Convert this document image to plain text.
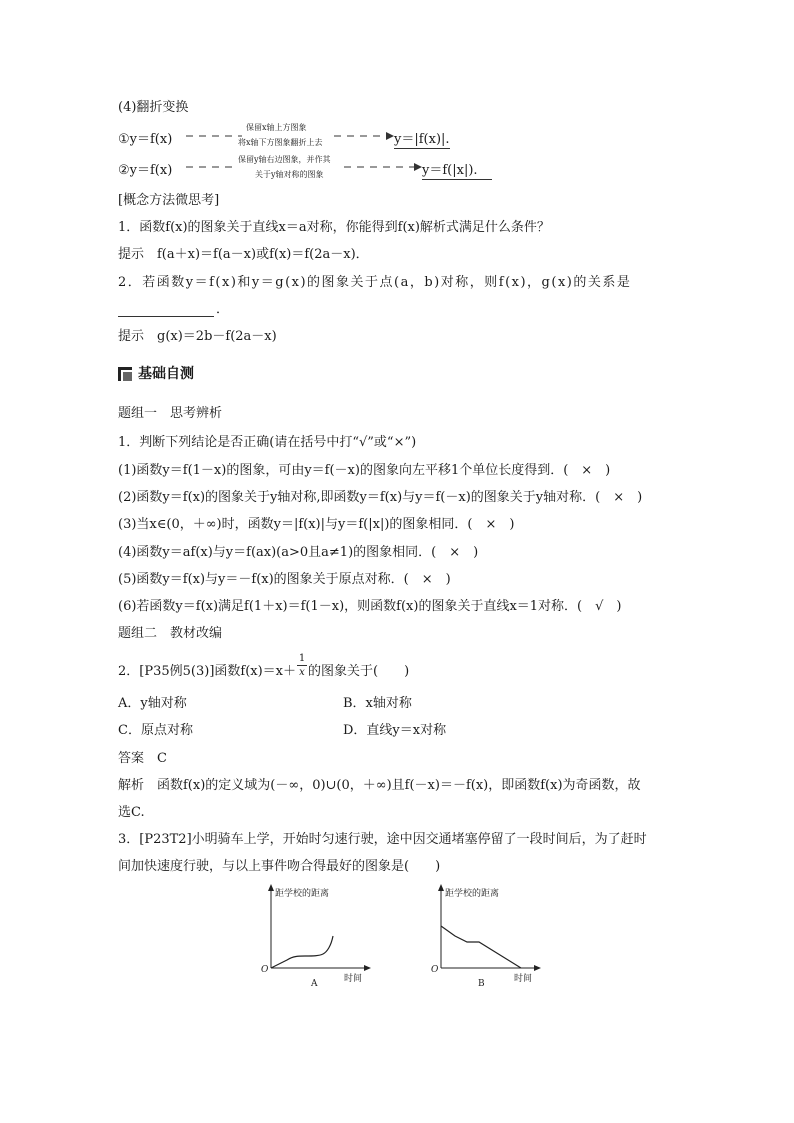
(4)翻折变换
①y＝f(x)
保留x轴上方图象
将x轴下方图象翻折上去	y＝|f(x)|.
②y＝f(x)
保留y轴右边图象，并作其
关于y轴对称的图象	y＝f(|x|).
[概念方法微思考]
1．函数f(x)的图象关于直线x＝a对称，你能得到f(x)解析式满足什么条件？
提示　f(a＋x)＝f(a－x)或f(x)＝f(2a－x)．
2．若函数y＝f(x)和y＝g(x)的图象关于点(a，b)对称，则f(x)，g(x)的关系是
．
提示　g(x)＝2b－f(2a－x)
基础自测
题组一　思考辨析
1．判断下列结论是否正确(请在括号中打“√”或“×”)
(1)函数y＝f(1－x)的图象，可由y＝f(－x)的图象向左平移1个单位长度得到．(　×　)
(2)函数y＝f(x)的图象关于y轴对称,即函数y＝f(x)与y＝f(－x)的图象关于y轴对称．(　×　)
(3)当x∈(0，＋∞)时，函数y＝|f(x)|与y＝f(|x|)的图象相同．(　×　)
(4)函数y＝af(x)与y＝f(ax)(a>0且a≠1)的图象相同．(　×　)
(5)函数y＝f(x)与y＝－f(x)的图象关于原点对称．(　×　)
(6)若函数y＝f(x)满足f(1＋x)＝f(1－x)，则函数f(x)的图象关于直线x＝1对称．(　√　)
题组二　教材改编
2．[P35例5(3)]函数f(x)＝x＋
1
x 的图象关于(　　)
A．y轴对称	B．x轴对称
C．原点对称	D．直线y＝x对称
答案　C
解析　函数f(x)的定义域为(－∞，0)∪(0，＋∞)且f(－x)＝－f(x)，即函数f(x)为奇函数，故
选C.
3．[P23T2]小明骑车上学，开始时匀速行驶，途中因交通堵塞停留了一段时间后，为了赶时
间加快速度行驶，与以上事件吻合得最好的图象是(　　)
距学校的距离
O
时间
A
距学校的距离
O
时间
B
